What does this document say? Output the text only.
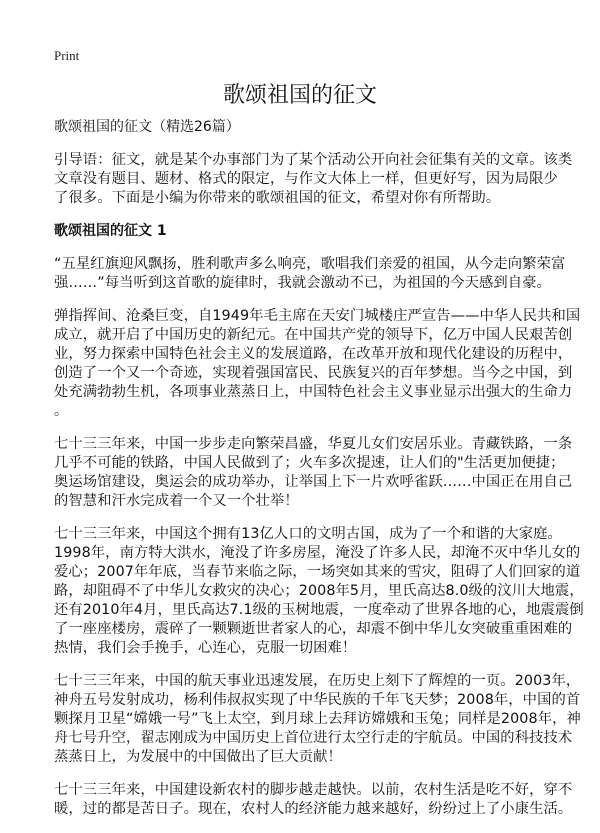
Print
歌颂祖国的征文
歌颂祖国的征文（精选26篇）
引导语：征文，就是某个办事部门为了某个活动公开向社会征集有关的文章。该类
文章没有题目、题材、格式的限定，与作文大体上一样，但更好写，因为局限少
了很多。下面是小编为你带来的歌颂祖国的征文，希望对你有所帮助。
歌颂祖国的征文 1
“五星红旗迎风飘扬，胜利歌声多么响亮，歌唱我们亲爱的祖国，从今走向繁荣富
强……”每当听到这首歌的旋律时，我就会激动不已，为祖国的今天感到自豪。
弹指挥间、沧桑巨变，自1949年毛主席在天安门城楼庄严宣告——中华人民共和国
成立，就开启了中国历史的新纪元。在中国共产党的领导下，亿万中国人民艰苦创
业，努力探索中国特色社会主义的发展道路，在改革开放和现代化建设的历程中，
创造了一个又一个奇迹，实现着强国富民、民族复兴的百年梦想。当今之中国，到
处充满勃勃生机，各项事业蒸蒸日上，中国特色社会主义事业显示出强大的生命力
。
七十三三年来，中国一步步走向繁荣昌盛，华夏儿女们安居乐业。青藏铁路，一条
几乎不可能的铁路，中国人民做到了；火车多次提速，让人们的"生活更加便捷；
奥运场馆建设，奥运会的成功举办，让举国上下一片欢呼雀跃……中国正在用自己
的智慧和汗水完成着一个又一个壮举！
七十三三年来，中国这个拥有13亿人口的文明古国，成为了一个和谐的大家庭。
1998年，南方特大洪水，淹没了许多房屋，淹没了许多人民，却淹不灭中华儿女的
爱心；2007年年底，当春节来临之际，一场突如其来的雪灾，阻碍了人们回家的道
路，却阻碍不了中华儿女救灾的决心；2008年5月，里氏高达8.0级的汶川大地震，
还有2010年4月，里氏高达7.1级的玉树地震，一度牵动了世界各地的心，地震震倒
了一座座楼房，震碎了一颗颗逝世者家人的心，却震不倒中华儿女突破重重困难的
热情，我们会手挽手，心连心，克服一切困难！
七十三三年来，中国的航天事业迅速发展，在历史上刻下了辉煌的一页。2003年，
神舟五号发射成功，杨利伟叔叔实现了中华民族的千年飞天梦；2008年，中国的首
颗探月卫星“嫦娥一号”飞上太空，到月球上去拜访嫦娥和玉兔；同样是2008年，神
舟七号升空，翟志刚成为中国历史上首位进行太空行走的宇航员。中国的科技技术
蒸蒸日上，为发展中的中国做出了巨大贡献！
七十三三年来，中国建设新农村的脚步越走越快。以前，农村生活是吃不好，穿不
暖，过的都是苦日子。现在，农村人的经济能力越来越好，纷纷过上了小康生活。
